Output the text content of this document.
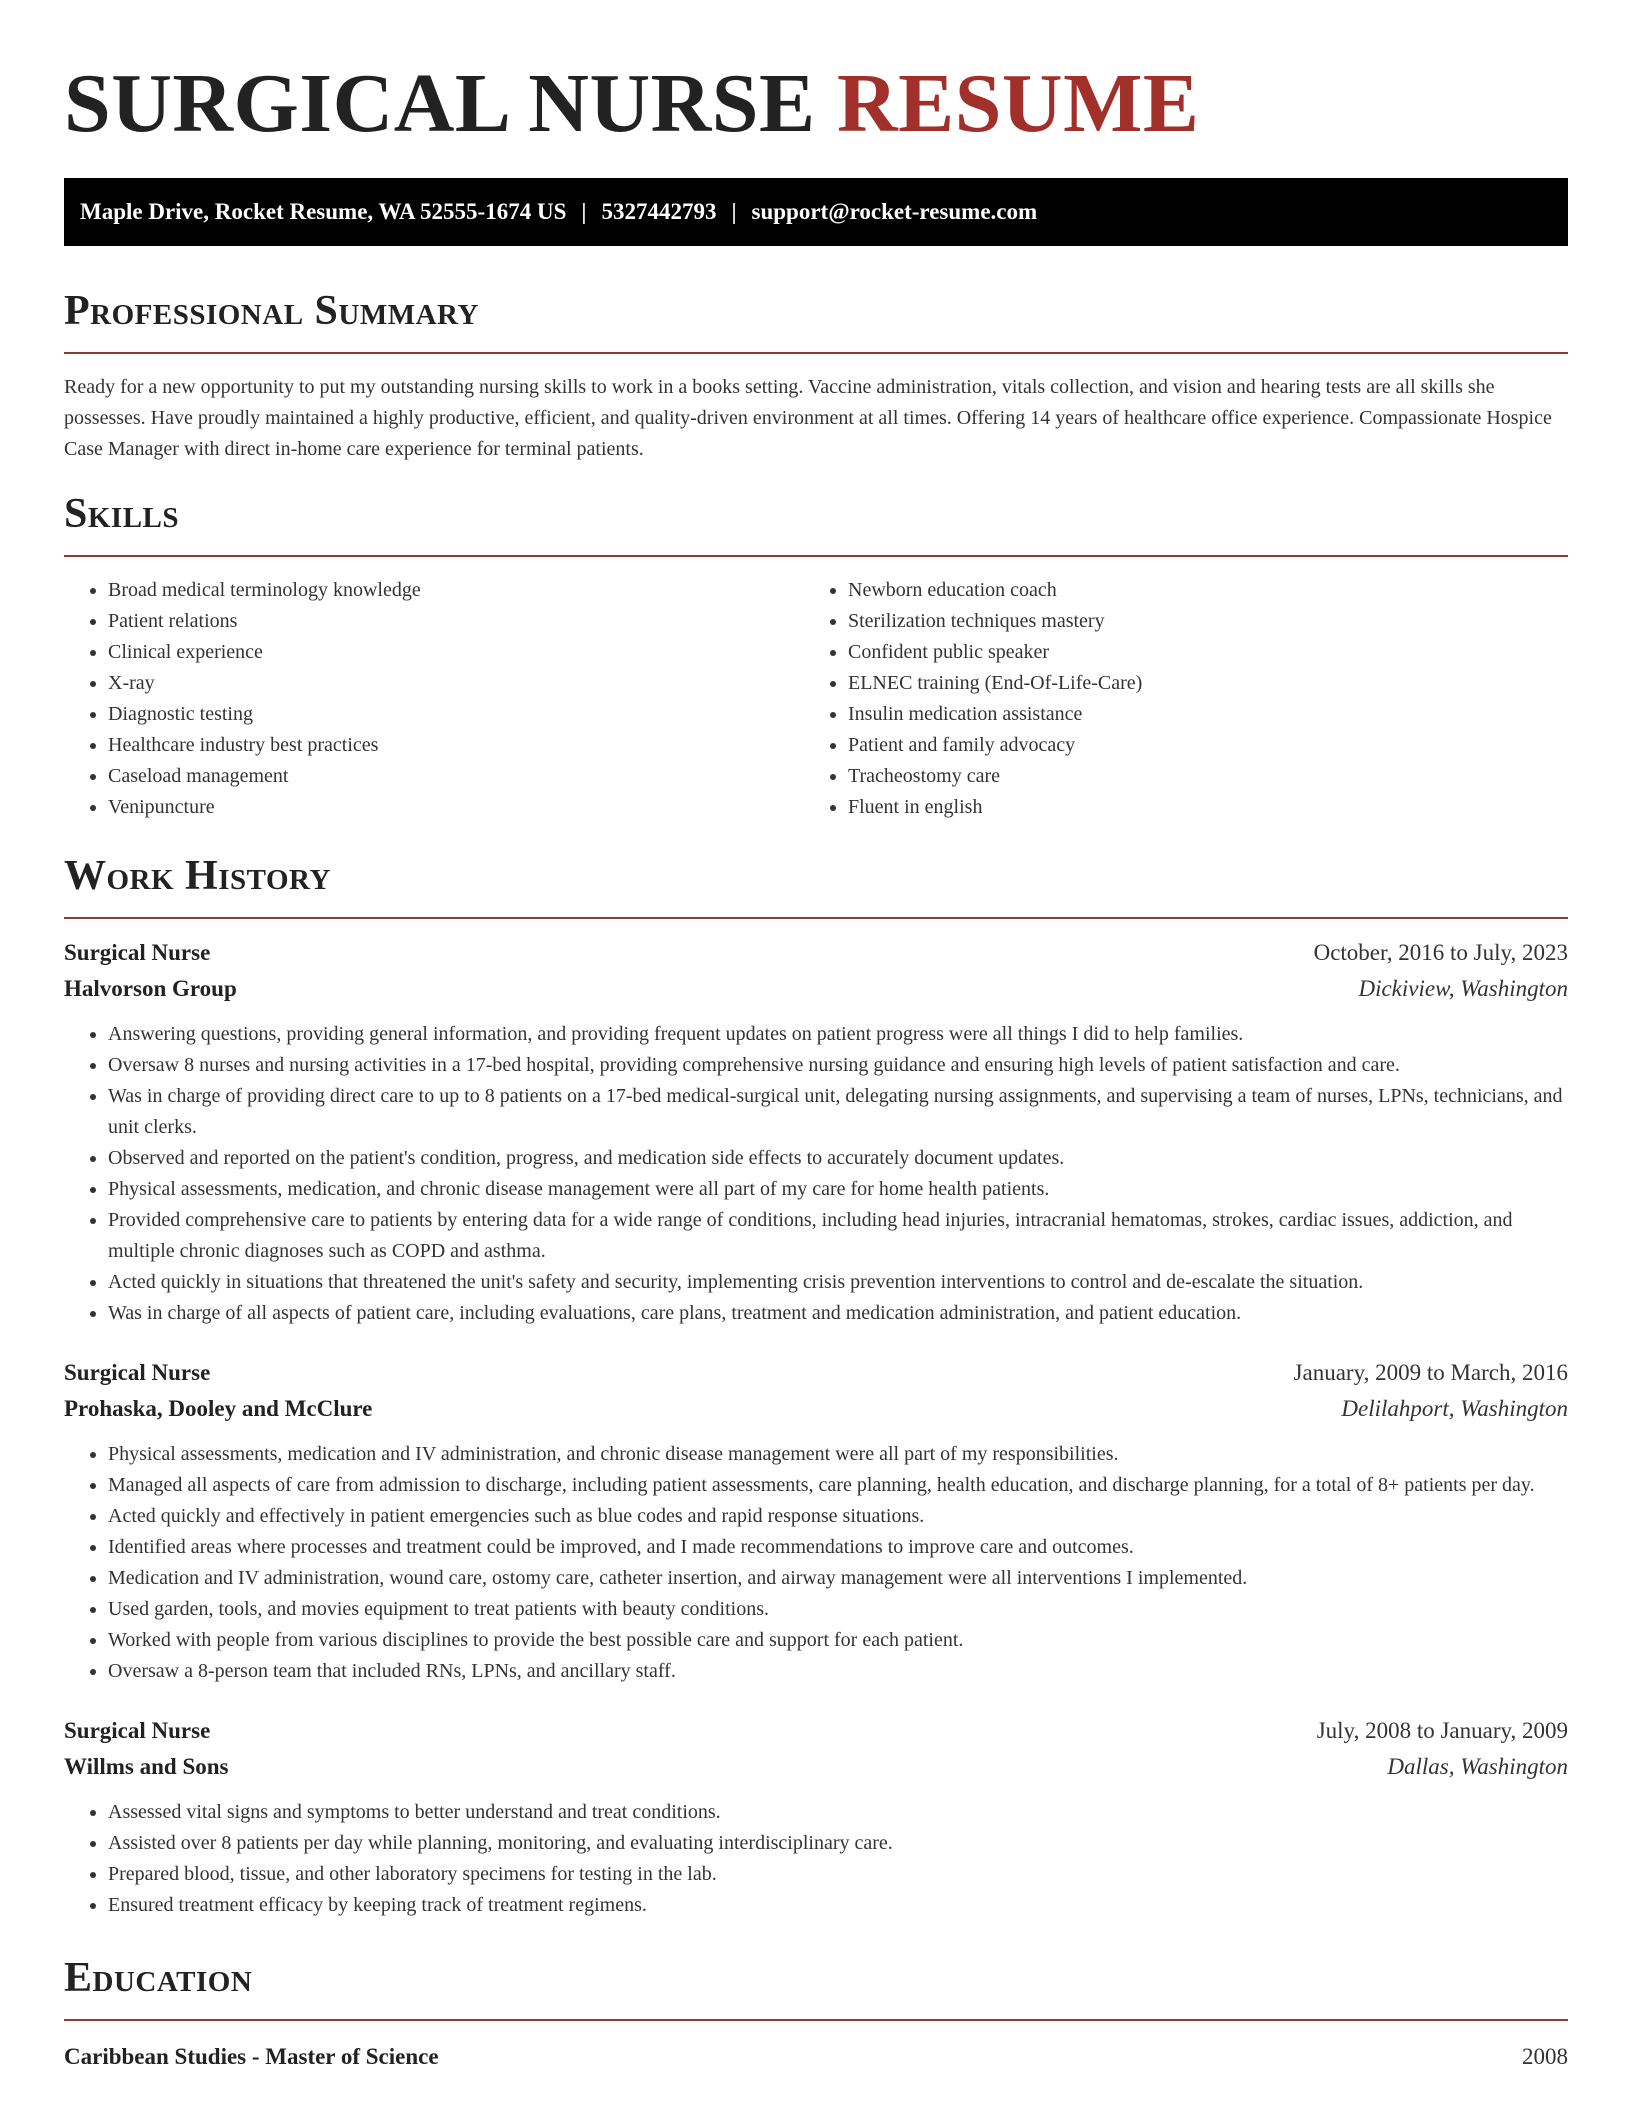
SURGICAL NURSE RESUME
Maple Drive, Rocket Resume, WA 52555-1674 US | 5327442793 | support@rocket-resume.com
Professional Summary

Ready for a new opportunity to put my outstanding nursing skills to work in a books setting. Vaccine administration, vitals collection, and vision and hearing tests are all skills she possesses. Have proudly maintained a highly productive, efficient, and quality-driven environment at all times. Offering 14 years of healthcare office experience. Compassionate Hospice Case Manager with direct in-home care experience for terminal patients.

Skills
• Broad medical terminology knowledge
• Patient relations
• Clinical experience
• X-ray
• Diagnostic testing
• Healthcare industry best practices
• Caseload management
• Venipuncture
• Newborn education coach
• Sterilization techniques mastery
• Confident public speaker
• ELNEC training (End-Of-Life-Care)
• Insulin medication assistance
• Patient and family advocacy
• Tracheostomy care
• Fluent in english
Work History
Surgical Nurse	October, 2016 to July, 2023
Halvorson Group	Dickiview, Washington
• Answering questions, providing general information, and providing frequent updates on patient progress were all things I did to help families.
• Oversaw 8 nurses and nursing activities in a 17-bed hospital, providing comprehensive nursing guidance and ensuring high levels of patient satisfaction and care.
• Was in charge of providing direct care to up to 8 patients on a 17-bed medical-surgical unit, delegating nursing assignments, and supervising a team of nurses, LPNs, technicians, and unit clerks.
• Observed and reported on the patient's condition, progress, and medication side effects to accurately document updates.
• Physical assessments, medication, and chronic disease management were all part of my care for home health patients.
• Provided comprehensive care to patients by entering data for a wide range of conditions, including head injuries, intracranial hematomas, strokes, cardiac issues, addiction, and multiple chronic diagnoses such as COPD and asthma.
• Acted quickly in situations that threatened the unit's safety and security, implementing crisis prevention interventions to control and de-escalate the situation.
• Was in charge of all aspects of patient care, including evaluations, care plans, treatment and medication administration, and patient education.
Surgical Nurse	January, 2009 to March, 2016
Prohaska, Dooley and McClure	Delilahport, Washington
• Physical assessments, medication and IV administration, and chronic disease management were all part of my responsibilities.
• Managed all aspects of care from admission to discharge, including patient assessments, care planning, health education, and discharge planning, for a total of 8+ patients per day.
• Acted quickly and effectively in patient emergencies such as blue codes and rapid response situations.
• Identified areas where processes and treatment could be improved, and I made recommendations to improve care and outcomes.
• Medication and IV administration, wound care, ostomy care, catheter insertion, and airway management were all interventions I implemented.
• Used garden, tools, and movies equipment to treat patients with beauty conditions.
• Worked with people from various disciplines to provide the best possible care and support for each patient.
• Oversaw a 8-person team that included RNs, LPNs, and ancillary staff.
Surgical Nurse	July, 2008 to January, 2009
Willms and Sons	Dallas, Washington
• Assessed vital signs and symptoms to better understand and treat conditions.
• Assisted over 8 patients per day while planning, monitoring, and evaluating interdisciplinary care.
• Prepared blood, tissue, and other laboratory specimens for testing in the lab.
• Ensured treatment efficacy by keeping track of treatment regimens.
Education
Caribbean Studies - Master of Science	2008
